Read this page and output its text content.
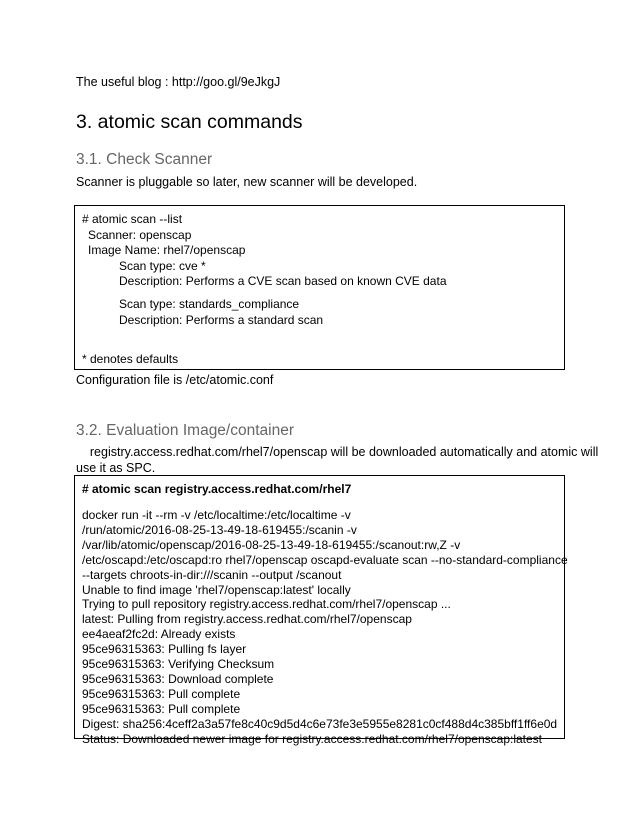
The useful blog : http://goo.gl/9eJkgJ
3. atomic scan commands
3.1. Check Scanner
Scanner is pluggable so later, new scanner will be developed.
# atomic scan --list
Scanner: openscap
Image Name: rhel7/openscap
Scan type: cve *
Description: Performs a CVE scan based on known CVE data
Scan type: standards_compliance
Description: Performs a standard scan
* denotes defaults
Configuration file is /etc/atomic.conf
3.2. Evaluation Image/container
registry.access.redhat.com/rhel7/openscap will be downloaded automatically and atomic will
use it as SPC.
# atomic scan registry.access.redhat.com/rhel7
docker run -it --rm -v /etc/localtime:/etc/localtime -v
/run/atomic/2016-08-25-13-49-18-619455:/scanin -v
/var/lib/atomic/openscap/2016-08-25-13-49-18-619455:/scanout:rw,Z -v
/etc/oscapd:/etc/oscapd:ro rhel7/openscap oscapd-evaluate scan --no-standard-compliance
--targets chroots-in-dir:///scanin --output /scanout
Unable to find image 'rhel7/openscap:latest' locally
Trying to pull repository registry.access.redhat.com/rhel7/openscap ...
latest: Pulling from registry.access.redhat.com/rhel7/openscap
ee4aeaf2fc2d: Already exists
95ce96315363: Pulling fs layer
95ce96315363: Verifying Checksum
95ce96315363: Download complete
95ce96315363: Pull complete
95ce96315363: Pull complete
Digest: sha256:4ceff2a3a57fe8c40c9d5d4c6e73fe3e5955e8281c0cf488d4c385bff1ff6e0d
Status: Downloaded newer image for registry.access.redhat.com/rhel7/openscap:latest
